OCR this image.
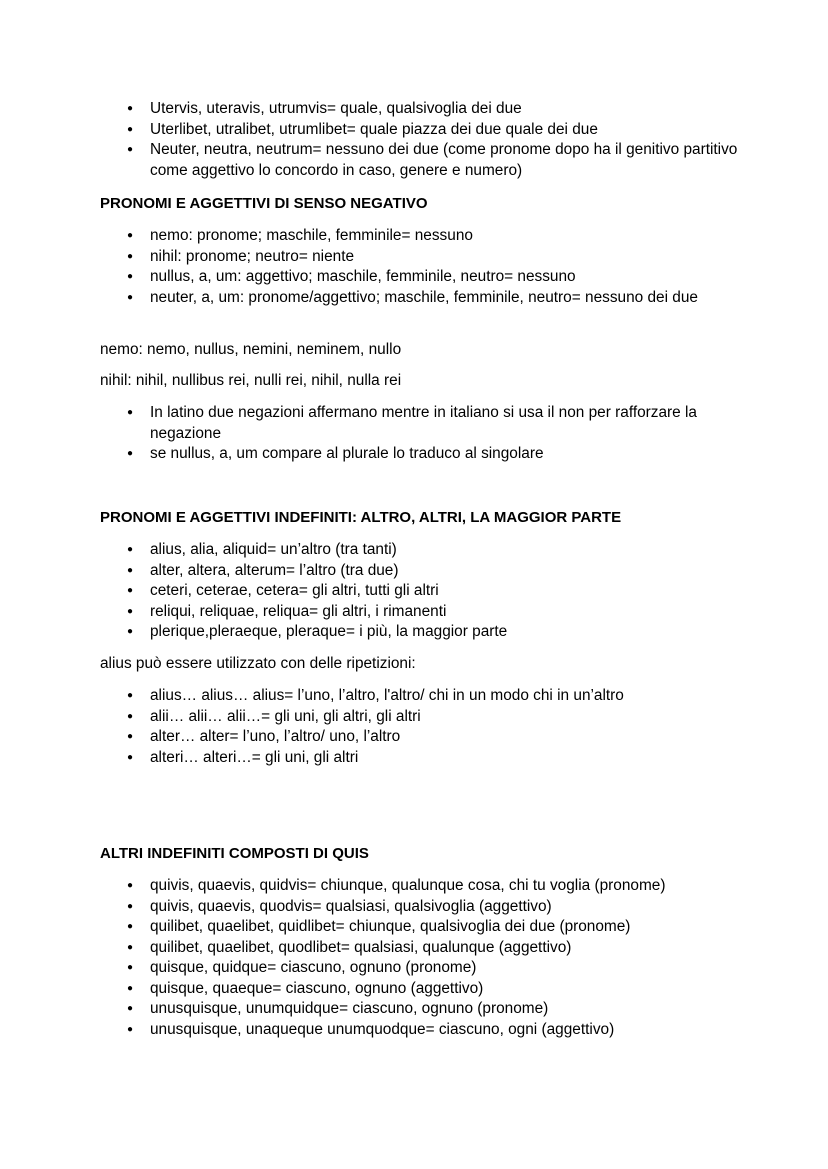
● Utervis, uteravis, utrumvis= quale, qualsivoglia dei due
● Uterlibet, utralibet, utrumlibet= quale piazza dei due quale dei due
● Neuter, neutra, neutrum= nessuno dei due (come pronome dopo ha il genitivo partitivo come aggettivo lo concordo in caso, genere e numero)

PRONOMI E AGGETTIVI DI SENSO NEGATIVO

● nemo: pronome; maschile, femminile= nessuno
● nihil: pronome; neutro= niente
● nullus, a, um: aggettivo; maschile, femminile, neutro= nessuno
● neuter, a, um: pronome/aggettivo; maschile, femminile, neutro= nessuno dei due

nemo: nemo, nullus, nemini, neminem, nullo

nihil: nihil, nullibus rei, nulli rei, nihil, nulla rei

● In latino due negazioni affermano mentre in italiano si usa il non per rafforzare la negazione
● se nullus, a, um compare al plurale lo traduco al singolare

PRONOMI E AGGETTIVI INDEFINITI: ALTRO, ALTRI, LA MAGGIOR PARTE

● alius, alia, aliquid= un’altro (tra tanti)
● alter, altera, alterum= l’altro (tra due)
● ceteri, ceterae, cetera= gli altri, tutti gli altri
● reliqui, reliquae, reliqua= gli altri, i rimanenti
● plerique,pleraeque, pleraque= i più, la maggior parte

alius può essere utilizzato con delle ripetizioni:

● alius… alius… alius= l’uno, l’altro, l'altro/ chi in un modo chi in un’altro
● alii… alii… alii…= gli uni, gli altri, gli altri
● alter… alter= l’uno, l’altro/ uno, l’altro
● alteri… alteri…= gli uni, gli altri

ALTRI INDEFINITI COMPOSTI DI QUIS

● quivis, quaevis, quidvis= chiunque, qualunque cosa, chi tu voglia (pronome)
● quivis, quaevis, quodvis= qualsiasi, qualsivoglia (aggettivo)
● quilibet, quaelibet, quidlibet= chiunque, qualsivoglia dei due (pronome)
● quilibet, quaelibet, quodlibet= qualsiasi, qualunque (aggettivo)
● quisque, quidque= ciascuno, ognuno (pronome)
● quisque, quaeque= ciascuno, ognuno (aggettivo)
● unusquisque, unumquidque= ciascuno, ognuno (pronome)
● unusquisque, unaqueque unumquodque= ciascuno, ogni (aggettivo)
